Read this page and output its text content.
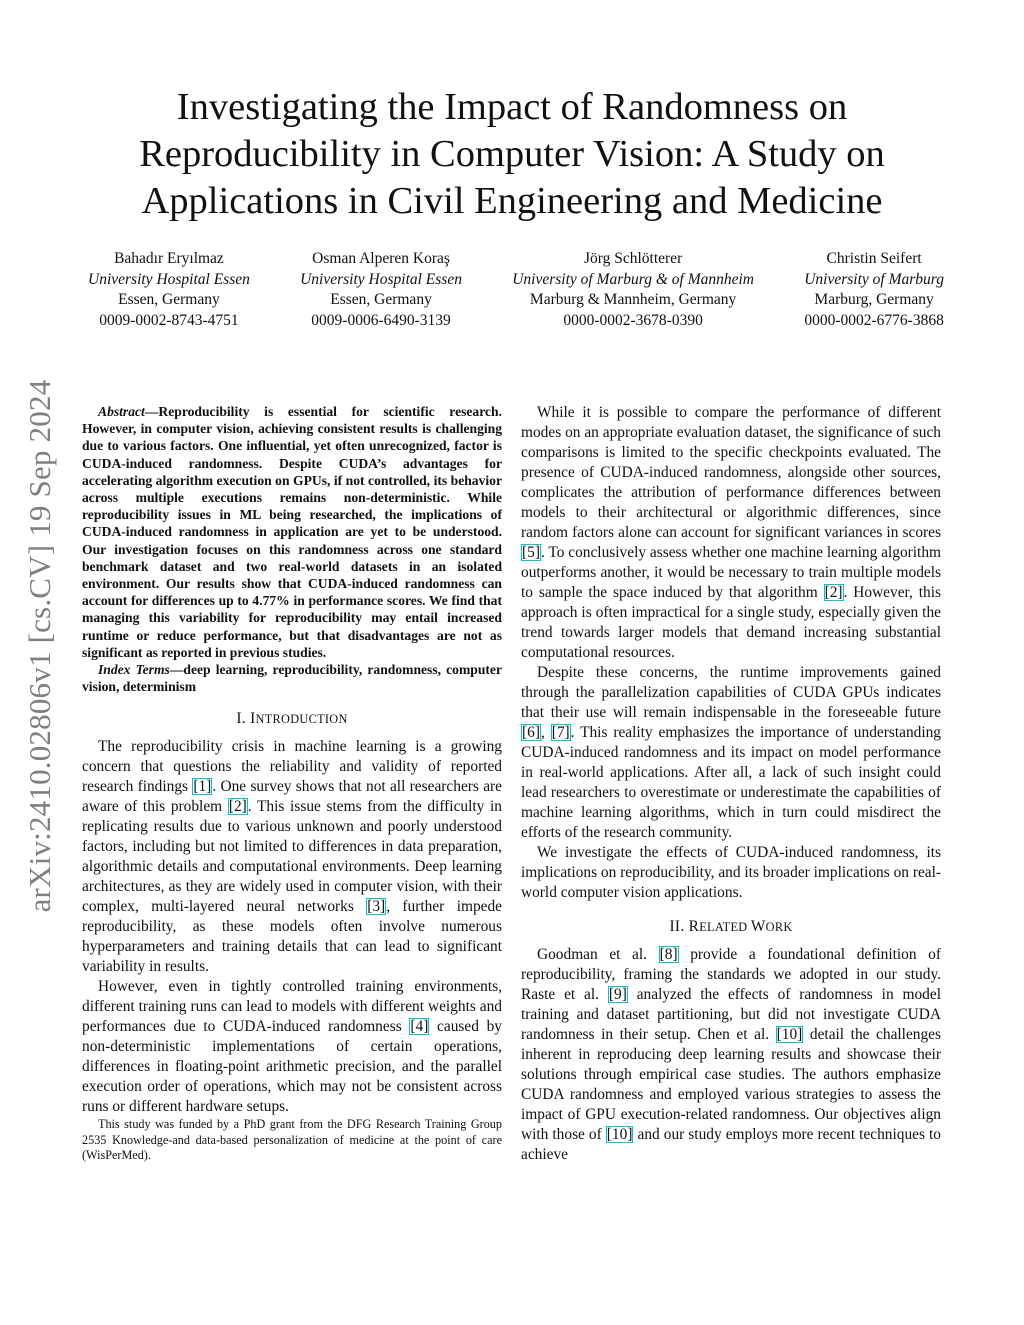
arXiv:2410.02806v1 [cs.CV] 19 Sep 2024
Investigating the Impact of Randomness on Reproducibility in Computer Vision: A Study on Applications in Civil Engineering and Medicine
Bahadır Eryılmaz
University Hospital Essen
Essen, Germany
0009-0002-8743-4751
Osman Alperen Koraş
University Hospital Essen
Essen, Germany
0009-0006-6490-3139
Jörg Schlötterer
University of Marburg & of Mannheim
Marburg & Mannheim, Germany
0000-0002-3678-0390
Christin Seifert
University of Marburg
Marburg, Germany
0000-0002-6776-3868

Abstract—Reproducibility is essential for scientific research. However, in computer vision, achieving consistent results is challenging due to various factors. One influential, yet often unrecognized, factor is CUDA-induced randomness. Despite CUDA’s advantages for accelerating algorithm execution on GPUs, if not controlled, its behavior across multiple executions remains non-deterministic. While reproducibility issues in ML being researched, the implications of CUDA-induced randomness in application are yet to be understood. Our investigation focuses on this randomness across one standard benchmark dataset and two real-world datasets in an isolated environment. Our results show that CUDA-induced randomness can account for differences up to 4.77% in performance scores. We find that managing this variability for reproducibility may entail increased runtime or reduce performance, but that disadvantages are not as significant as reported in previous studies.

Index Terms—deep learning, reproducibility, randomness, computer vision, determinism

I. INTRODUCTION

The reproducibility crisis in machine learning is a growing concern that questions the reliability and validity of reported research findings [1]. One survey shows that not all researchers are aware of this problem [2]. This issue stems from the difficulty in replicating results due to various unknown and poorly understood factors, including but not limited to differences in data preparation, algorithmic details and computational environments. Deep learning architectures, as they are widely used in computer vision, with their complex, multi-layered neural networks [3], further impede reproducibility, as these models often involve numerous hyperparameters and training details that can lead to significant variability in results.

However, even in tightly controlled training environments, different training runs can lead to models with different weights and performances due to CUDA-induced randomness [4] caused by non-deterministic implementations of certain operations, differences in floating-point arithmetic precision, and the parallel execution order of operations, which may not be consistent across runs or different hardware setups.

This study was funded by a PhD grant from the DFG Research Training Group 2535 Knowledge-and data-based personalization of medicine at the point of care (WisPerMed).

While it is possible to compare the performance of different modes on an appropriate evaluation dataset, the significance of such comparisons is limited to the specific checkpoints evaluated. The presence of CUDA-induced randomness, alongside other sources, complicates the attribution of performance differences between models to their architectural or algorithmic differences, since random factors alone can account for significant variances in scores [5]. To conclusively assess whether one machine learning algorithm outperforms another, it would be necessary to train multiple models to sample the space induced by that algorithm [2]. However, this approach is often impractical for a single study, especially given the trend towards larger models that demand increasing substantial computational resources.

Despite these concerns, the runtime improvements gained through the parallelization capabilities of CUDA GPUs indicates that their use will remain indispensable in the foreseeable future [6], [7]. This reality emphasizes the importance of understanding CUDA-induced randomness and its impact on model performance in real-world applications. After all, a lack of such insight could lead researchers to overestimate or underestimate the capabilities of machine learning algorithms, which in turn could misdirect the efforts of the research community.

We investigate the effects of CUDA-induced randomness, its implications on reproducibility, and its broader implications on real-world computer vision applications.

II. RELATED WORK

Goodman et al. [8] provide a foundational definition of reproducibility, framing the standards we adopted in our study. Raste et al. [9] analyzed the effects of randomness in model training and dataset partitioning, but did not investigate CUDA randomness in their setup. Chen et al. [10] detail the challenges inherent in reproducing deep learning results and showcase their solutions through empirical case studies. The authors emphasize CUDA randomness and employed various strategies to assess the impact of GPU execution-related randomness. Our objectives align with those of [10] and our study employs more recent techniques to achieve
